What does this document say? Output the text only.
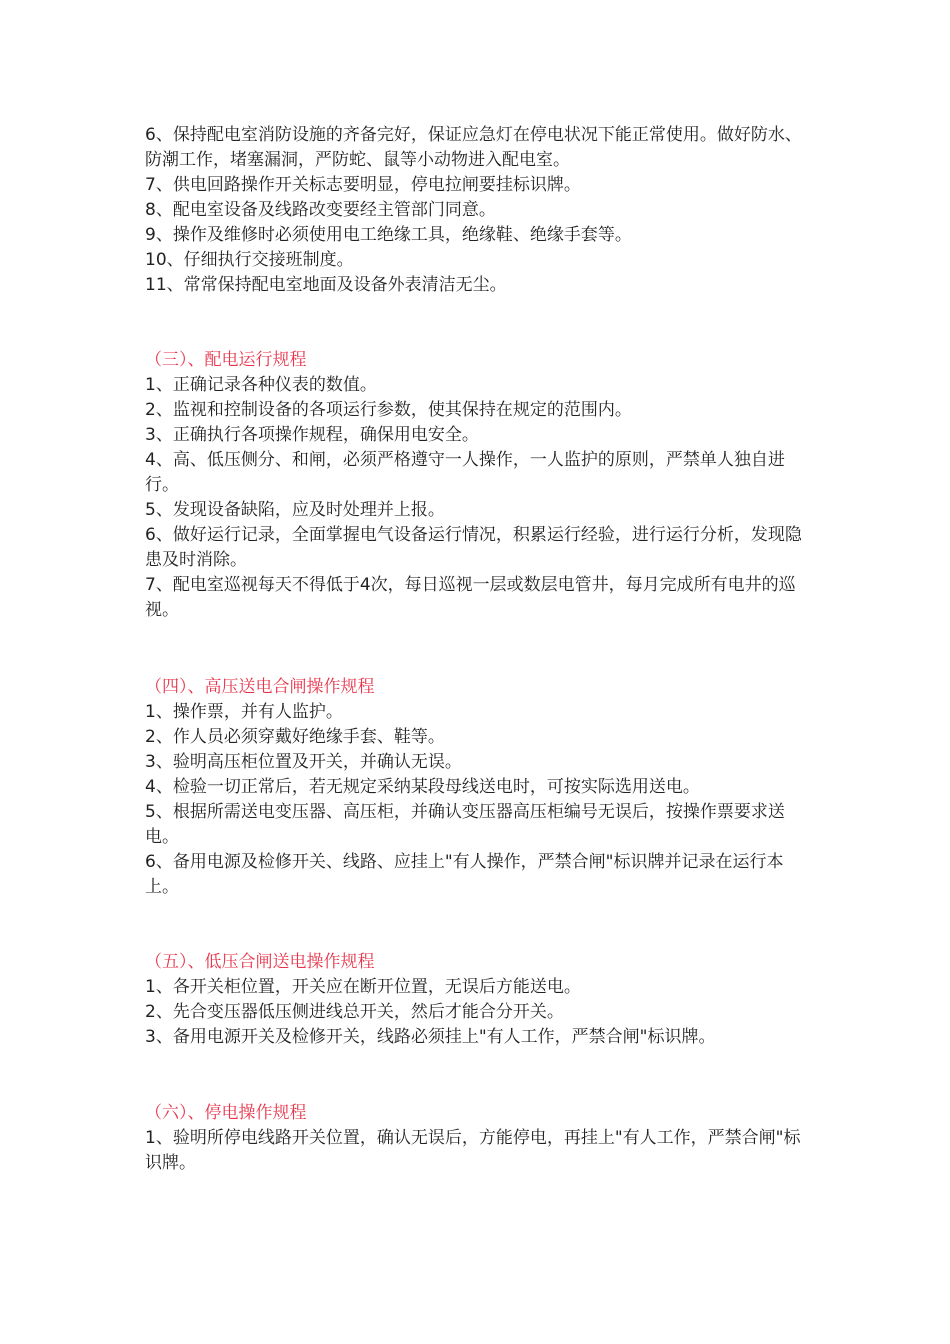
6、保持配电室消防设施的齐备完好，保证应急灯在停电状况下能正常使用。做好防水、防潮工作，堵塞漏洞，严防蛇、鼠等小动物进入配电室。

7、供电回路操作开关标志要明显，停电拉闸要挂标识牌。

8、配电室设备及线路改变要经主管部门同意。

9、操作及维修时必须使用电工绝缘工具，绝缘鞋、绝缘手套等。

10、仔细执行交接班制度。

11、常常保持配电室地面及设备外表清洁无尘。

（三）、配电运行规程

1、正确记录各种仪表的数值。

2、监视和控制设备的各项运行参数，使其保持在规定的范围内。

3、正确执行各项操作规程，确保用电安全。

4、高、低压侧分、和闸，必须严格遵守一人操作，一人监护的原则，严禁单人独自进行。

5、发现设备缺陷，应及时处理并上报。

6、做好运行记录，全面掌握电气设备运行情况，积累运行经验，进行运行分析，发现隐患及时消除。

7、配电室巡视每天不得低于4次，每日巡视一层或数层电管井，每月完成所有电井的巡视。

（四）、高压送电合闸操作规程

1、操作票，并有人监护。

2、作人员必须穿戴好绝缘手套、鞋等。

3、验明高压柜位置及开关，并确认无误。

4、检验一切正常后，若无规定采纳某段母线送电时，可按实际选用送电。

5、根据所需送电变压器、高压柜，并确认变压器高压柜编号无误后，按操作票要求送电。

6、备用电源及检修开关、线路、应挂上"有人操作，严禁合闸"标识牌并记录在运行本上。

（五）、低压合闸送电操作规程

1、各开关柜位置，开关应在断开位置，无误后方能送电。

2、先合变压器低压侧进线总开关，然后才能合分开关。

3、备用电源开关及检修开关，线路必须挂上"有人工作，严禁合闸"标识牌。

（六）、停电操作规程

1、验明所停电线路开关位置，确认无误后，方能停电，再挂上"有人工作，严禁合闸"标识牌。
